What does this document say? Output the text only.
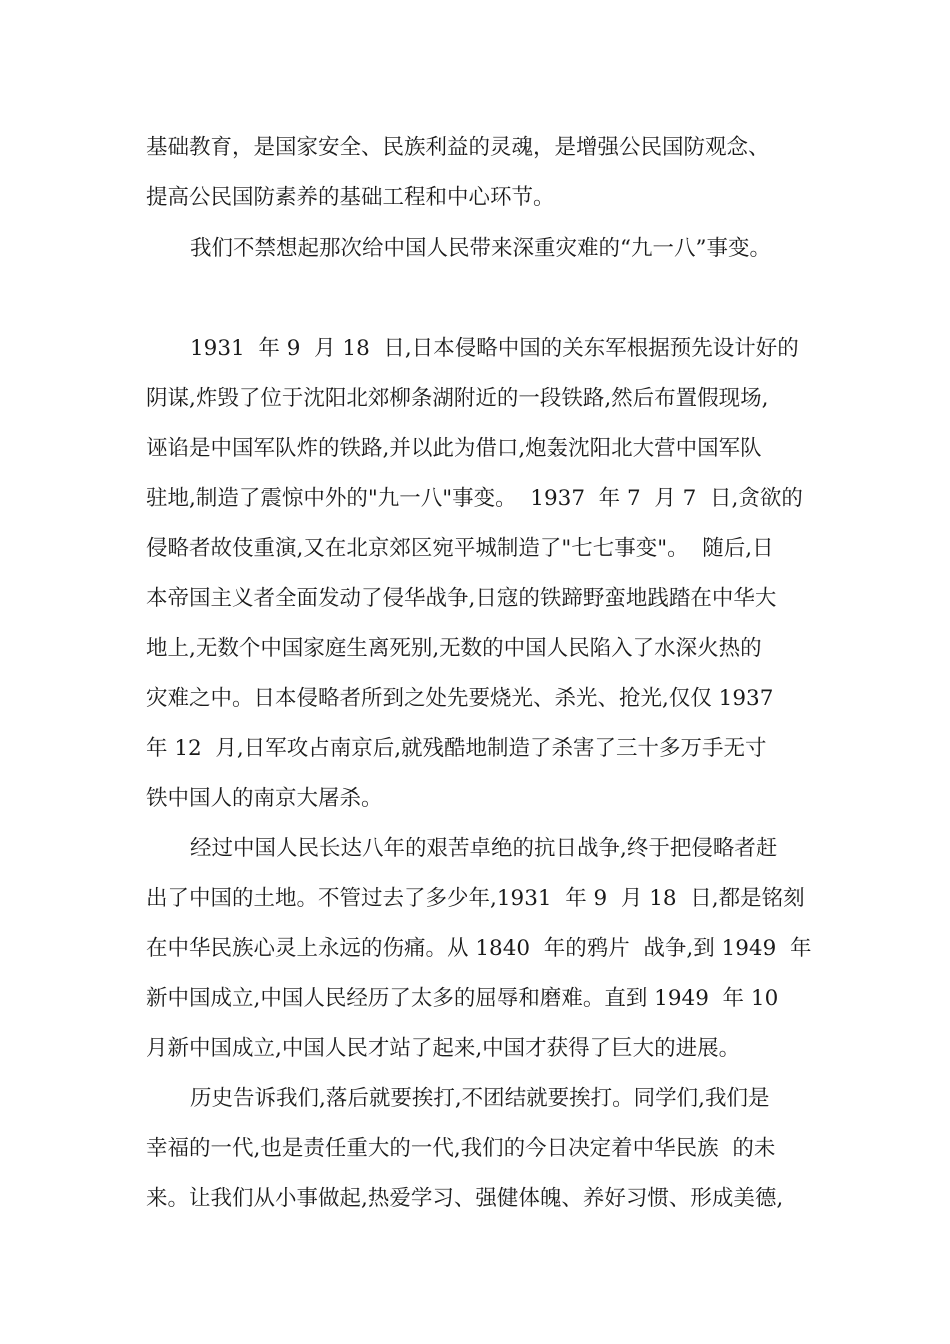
基础教育，是国家安全、民族利益的灵魂，是增强公民国防观念、
提高公民国防素养的基础工程和中心环节。
我们不禁想起那次给中国人民带来深重灾难的“九一八”事变。
1931  年 9  月 18  日,日本侵略中国的关东军根据预先设计好的
阴谋,炸毁了位于沈阳北郊柳条湖附近的一段铁路,然后布置假现场,
诬谄是中国军队炸的铁路,并以此为借口,炮轰沈阳北大营中国军队
驻地,制造了震惊中外的"九一八"事变。  1937  年 7  月 7  日,贪欲的
侵略者故伎重演,又在北京郊区宛平城制造了"七七事变"。  随后,日
本帝国主义者全面发动了侵华战争,日寇的铁蹄野蛮地践踏在中华大
地上,无数个中国家庭生离死别,无数的中国人民陷入了水深火热的
灾难之中。日本侵略者所到之处先要烧光、杀光、抢光,仅仅 1937
年 12  月,日军攻占南京后,就残酷地制造了杀害了三十多万手无寸
铁中国人的南京大屠杀。
经过中国人民长达八年的艰苦卓绝的抗日战争,终于把侵略者赶
出了中国的土地。不管过去了多少年,1931  年 9  月 18  日,都是铭刻
在中华民族心灵上永远的伤痛。从 1840  年的鸦片  战争,到 1949  年
新中国成立,中国人民经历了太多的屈辱和磨难。直到 1949  年 10
月新中国成立,中国人民才站了起来,中国才获得了巨大的进展。
历史告诉我们,落后就要挨打,不团结就要挨打。同学们,我们是
幸福的一代,也是责任重大的一代,我们的今日决定着中华民族  的未
来。让我们从小事做起,热爱学习、强健体魄、养好习惯、形成美德,
